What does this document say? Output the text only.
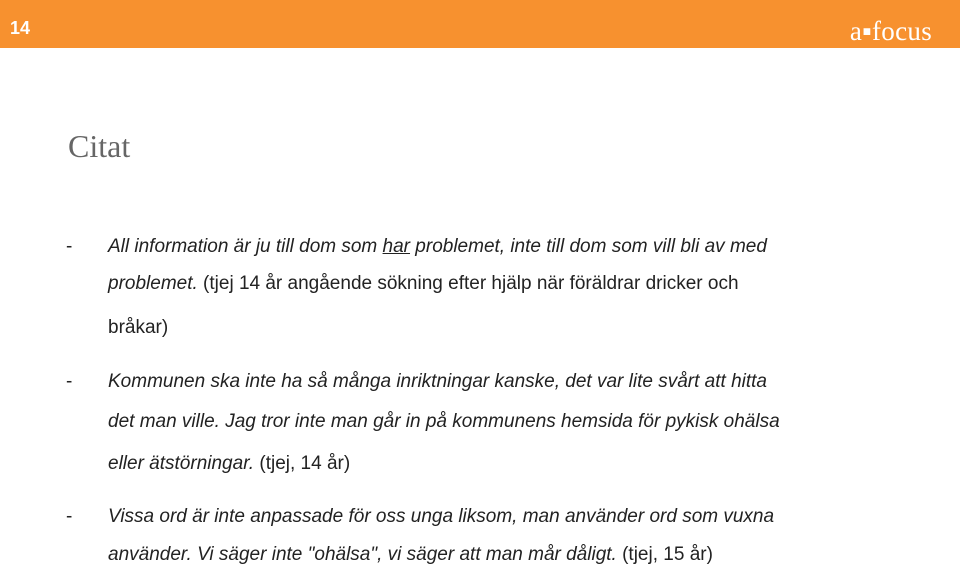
14	a▪focus
Citat
- All information är ju till dom som har problemet, inte till dom som vill bli av med
problemet. (tjej 14 år angående sökning efter hjälp när föräldrar dricker och
bråkar)
- Kommunen ska inte ha så många inriktningar kanske, det var lite svårt att hitta
det man ville. Jag tror inte man går in på kommunens hemsida för pykisk ohälsa
eller ätstörningar. (tjej, 14 år)
- Vissa ord är inte anpassade för oss unga liksom, man använder ord som vuxna
använder. Vi säger inte "ohälsa", vi säger att man mår dåligt. (tjej, 15 år)
